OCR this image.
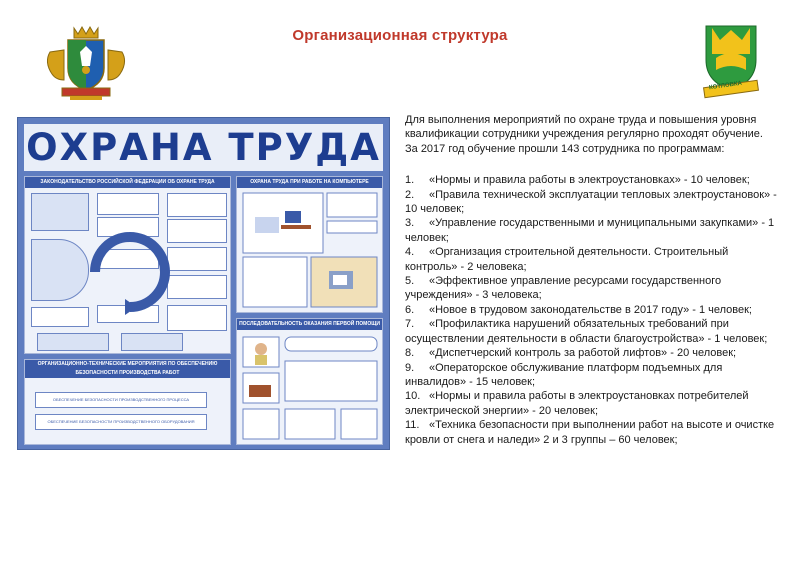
Организационная структура
КОТЛОВКА
ОХРАНА ТРУДА
ЗАКОНОДАТЕЛЬСТВО РОССИЙСКОЙ ФЕДЕРАЦИИ ОБ ОХРАНЕ ТРУДА	ОХРАНА ТРУДА ПРИ РАБОТЕ НА КОМПЬЮТЕРЕ
ОРГАНИЗАЦИОННО-ТЕХНИЧЕСКИЕ МЕРОПРИЯТИЯ ПО ОБЕСПЕЧЕНИЮ БЕЗОПАСНОСТИ ПРОИЗВОДСТВА РАБОТ
ОБЕСПЕЧЕНИЕ БЕЗОПАСНОСТИ ПРОИЗВОДСТВЕННОГО ПРОЦЕССА
ОБЕСПЕЧЕНИЕ БЕЗОПАСНОСТИ ПРОИЗВОДСТВЕННОГО ОБОРУДОВАНИЯ
ПОСЛЕДОВАТЕЛЬНОСТЬ ОКАЗАНИЯ ПЕРВОЙ ПОМОЩИ

Для выполнения мероприятий по охране труда и повышения уровня квалификации сотрудники учреждения регулярно проходят обучение. За 2017 год обучение прошли 143 сотрудника по программам:

1. «Нормы и правила работы в электроустановках» - 10 человек;
2. «Правила технической эксплуатации тепловых электроустановок» - 10 человек;
3. «Управление государственными и муниципальными закупками» - 1 человек;
4. «Организация строительной деятельности. Строительный контроль» - 2 человека;
5. «Эффективное управление ресурсами государственного учреждения» - 3 человека;
6. «Новое в трудовом законодательстве в 2017 году» - 1 человек;
7. «Профилактика нарушений обязательных требований при осуществлении деятельности в области благоустройства» - 1 человек;
8. «Диспетчерский контроль за работой лифтов» - 20 человек;
9. «Операторское обслуживание платформ подъемных для инвалидов» - 15 человек;
10. «Нормы и правила работы в электроустановках потребителей электрической энергии» - 20 человек;
11. «Техника безопасности при выполнении работ на высоте и очистке кровли от снега и наледи» 2 и 3 группы – 60 человек;
